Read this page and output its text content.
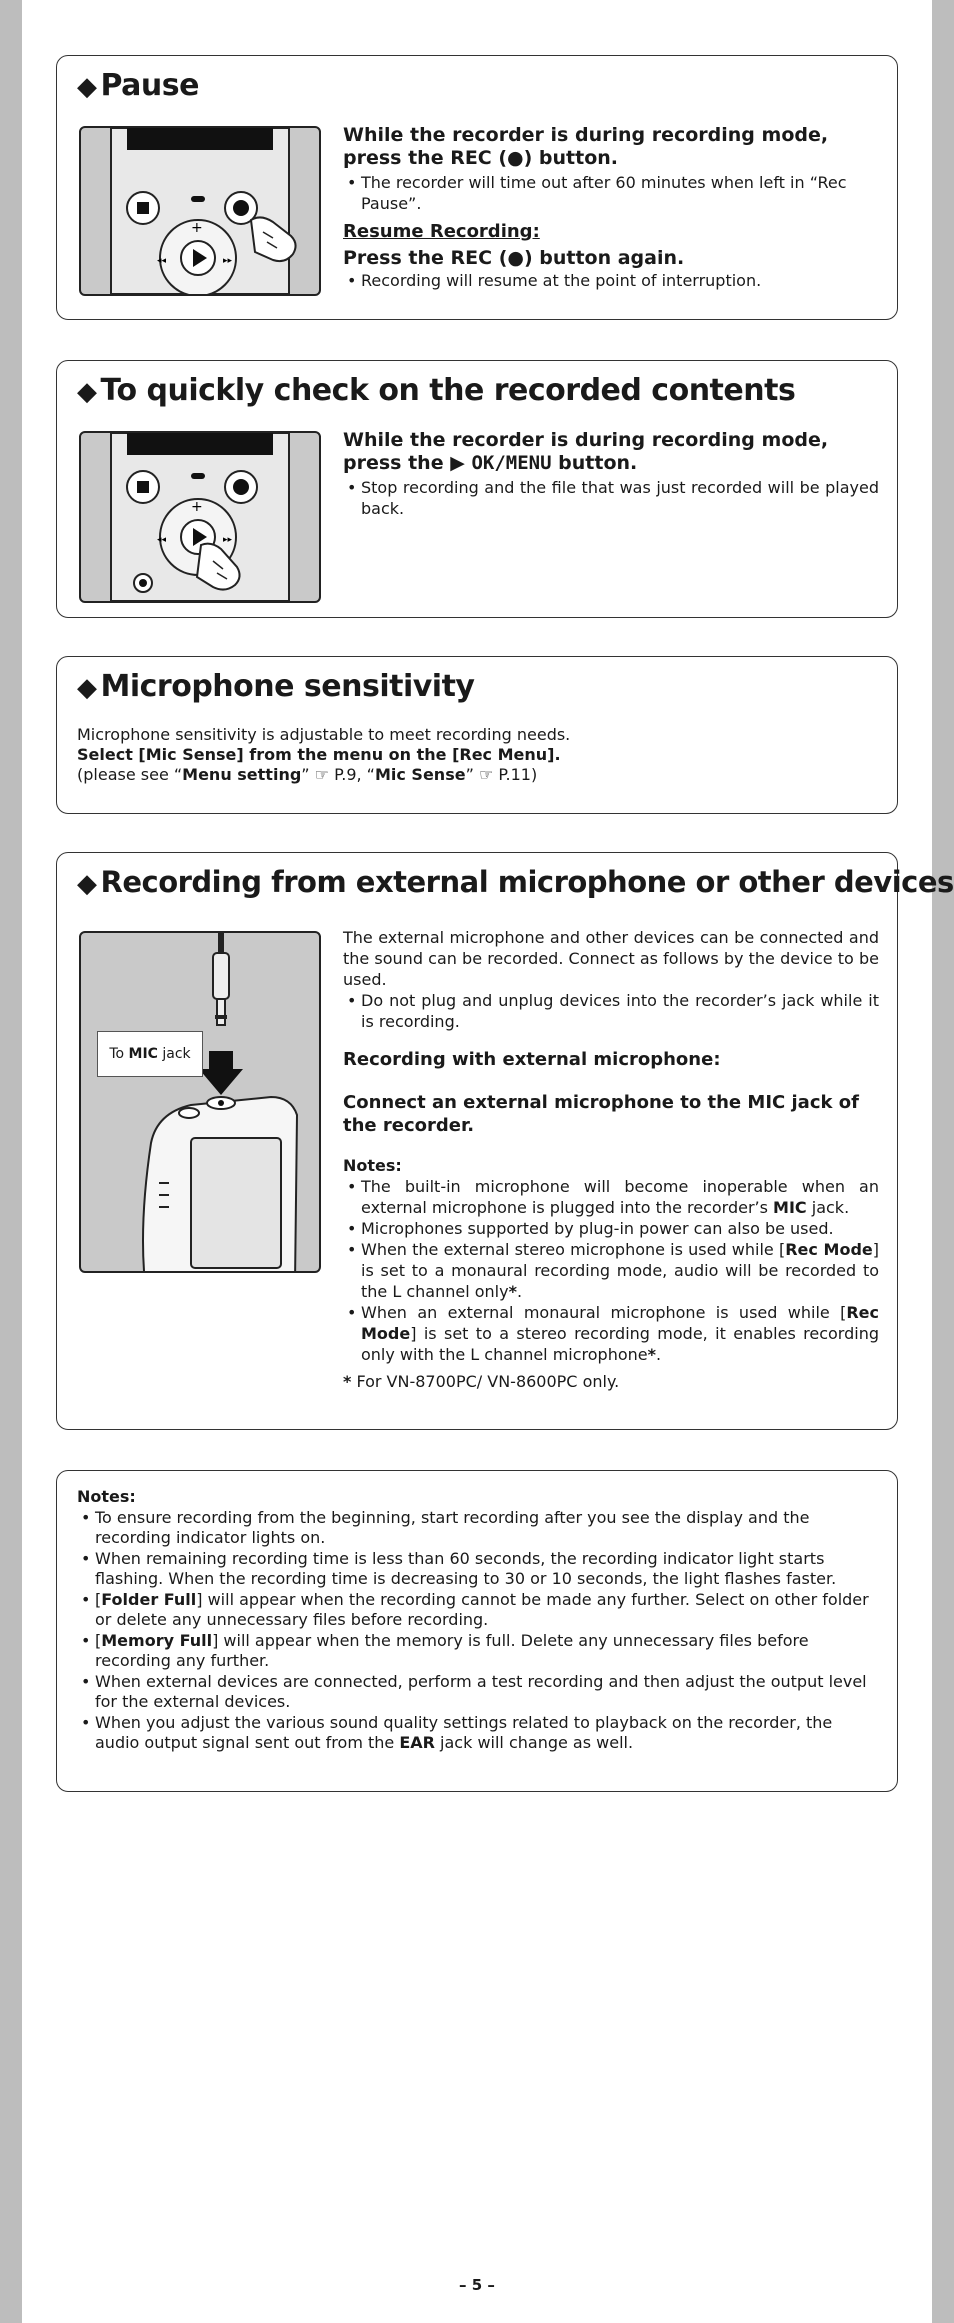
◆ Pause
+
◂◂	▸▸
While the recorder is during recording mode, press the REC (●) button.
• The recorder will time out after 60 minutes when left in “Rec Pause”.
Resume Recording:
Press the REC (●) button again.
• Recording will resume at the point of interruption.
◆ To quickly check on the recorded contents
+
◂◂	▸▸
While the recorder is during recording mode, press the ▶ OK/MENU button.
• Stop recording and the file that was just recorded will be played back.
◆ Microphone sensitivity
Microphone sensitivity is adjustable to meet recording needs.
Select [Mic Sense] from the menu on the [Rec Menu].
(please see “Menu setting” ☞ P.9, “Mic Sense” ☞ P.11)
◆ Recording from external microphone or other devices
To MIC jack
The external microphone and other devices can be connected and the sound can be recorded. Connect as follows by the device to be used.
• Do not plug and unplug devices into the recorder’s jack while it is recording.
Recording with external microphone:
Connect an external microphone to the MIC jack of the recorder.
Notes:
• The built-in microphone will become inoperable when an external microphone is plugged into the recorder’s MIC jack.
• Microphones supported by plug-in power can also be used.
• When the external stereo microphone is used while [Rec Mode] is set to a monaural recording mode, audio will be recorded to the L channel only*.
• When an external monaural microphone is used while [Rec Mode] is set to a stereo recording mode, it enables recording only with the L channel microphone*.
* For VN-8700PC/ VN-8600PC only.
Notes:
• To ensure recording from the beginning, start recording after you see the display and the recording indicator lights on.
• When remaining recording time is less than 60 seconds, the recording indicator light starts flashing. When the recording time is decreasing to 30 or 10 seconds, the light flashes faster.
• [Folder Full] will appear when the recording cannot be made any further. Select on other folder or delete any unnecessary files before recording.
• [Memory Full] will appear when the memory is full. Delete any unnecessary files before recording any further.
• When external devices are connected, perform a test recording and then adjust the output level for the external devices.
• When you adjust the various sound quality settings related to playback on the recorder, the audio output signal sent out from the EAR jack will change as well.
– 5 –
